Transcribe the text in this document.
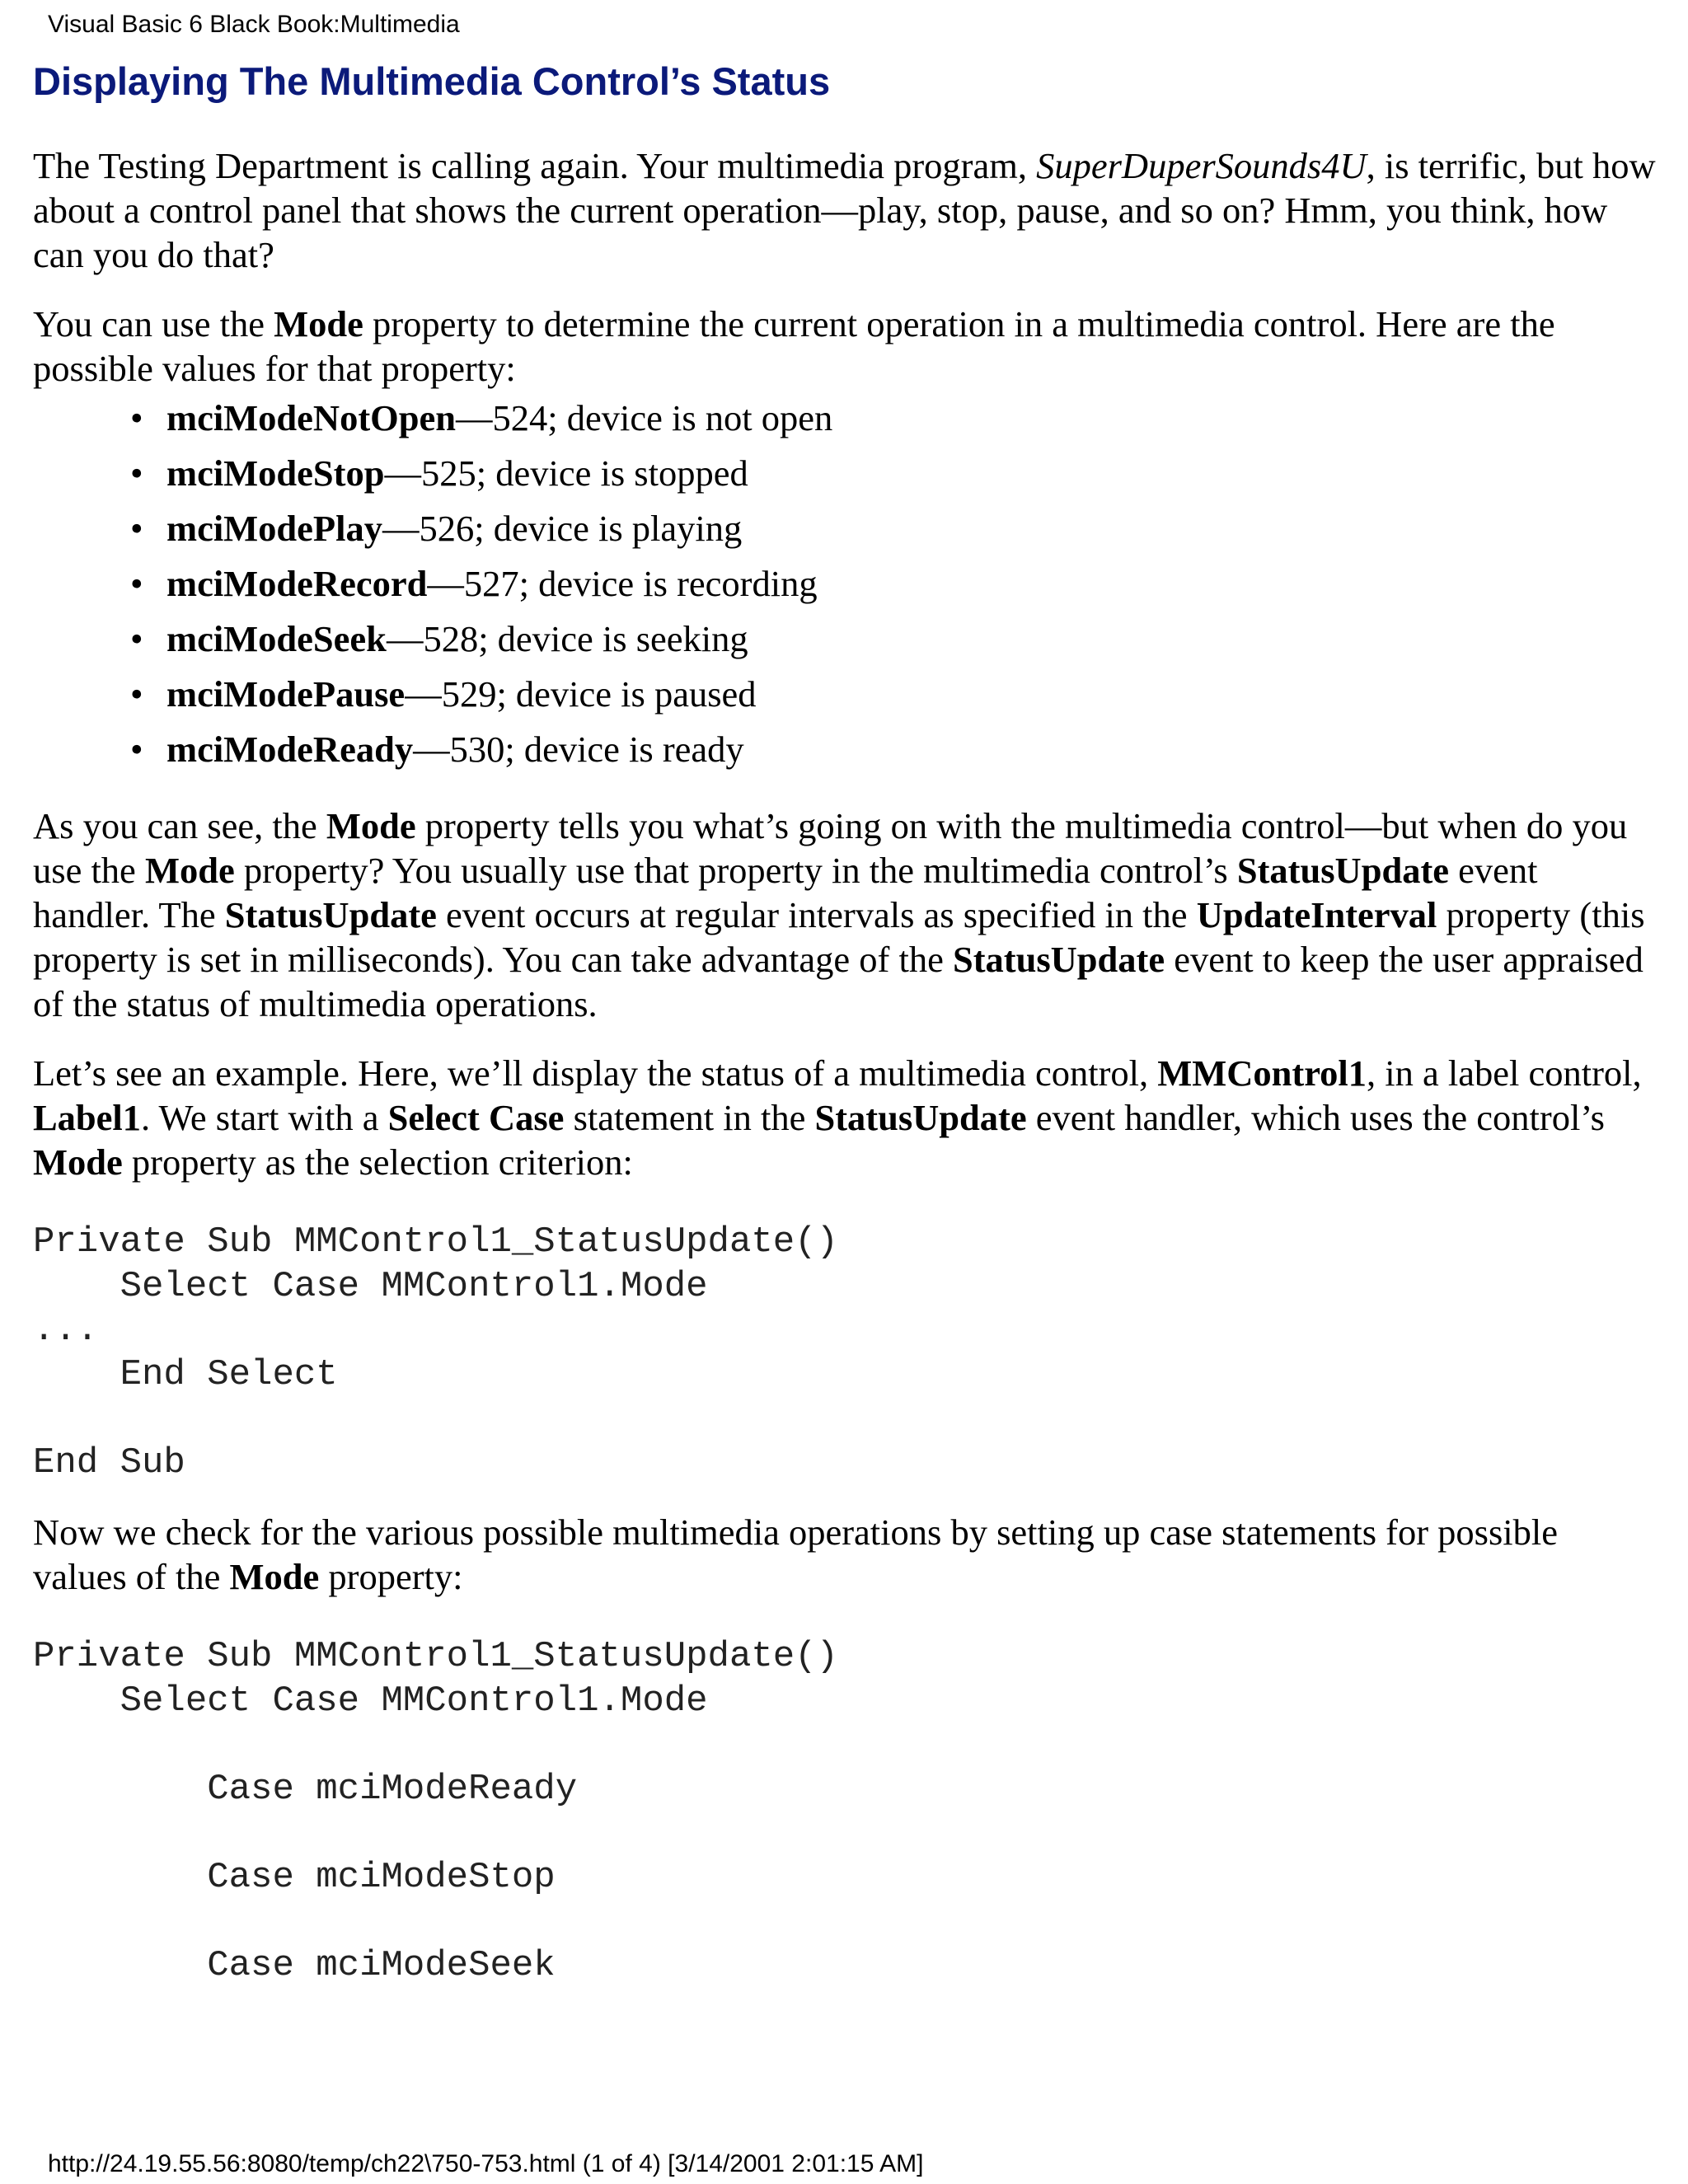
Visual Basic 6 Black Book:Multimedia
Displaying The Multimedia Control’s Status

The Testing Department is calling again. Your multimedia program, SuperDuperSounds4U, is terrific, but how about a control panel that shows the current operation—play, stop, pause, and so on? Hmm, you think, how can you do that?

You can use the Mode property to determine the current operation in a multimedia control. Here are the possible values for that property:

• mciModeNotOpen—524; device is not open
• mciModeStop—525; device is stopped
• mciModePlay—526; device is playing
• mciModeRecord—527; device is recording
• mciModeSeek—528; device is seeking
• mciModePause—529; device is paused
• mciModeReady—530; device is ready

As you can see, the Mode property tells you what’s going on with the multimedia control—but when do you use the Mode property? You usually use that property in the multimedia control’s StatusUpdate event handler. The StatusUpdate event occurs at regular intervals as specified in the UpdateInterval property (this property is set in milliseconds). You can take advantage of the StatusUpdate event to keep the user appraised of the status of multimedia operations.

Let’s see an example. Here, we’ll display the status of a multimedia control, MMControl1, in a label control, Label1. We start with a Select Case statement in the StatusUpdate event handler, which uses the control’s Mode property as the selection criterion:

Private Sub MMControl1_StatusUpdate()
Select Case MMControl1.Mode
...
End Select

End Sub

Now we check for the various possible multimedia operations by setting up case statements for possible values of the Mode property:

Private Sub MMControl1_StatusUpdate()
Select Case MMControl1.Mode

Case mciModeReady

Case mciModeStop

Case mciModeSeek
http://24.19.55.56:8080/temp/ch22\750-753.html (1 of 4) [3/14/2001 2:01:15 AM]
